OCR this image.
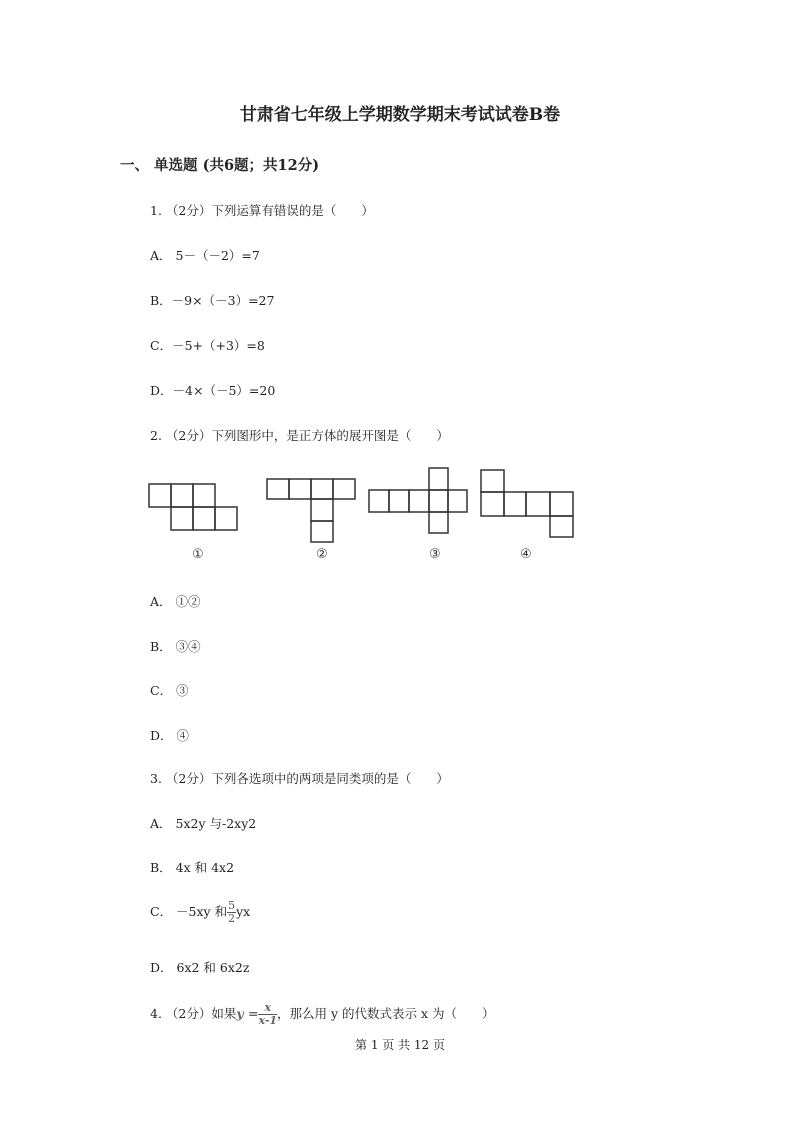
甘肃省七年级上学期数学期末考试试卷B卷
一、 单选题 (共6题；共12分)
1. （2分）下列运算有错误的是（　　）
A． 5－（－2）=7
B．－9×（－3）=27
C．－5+（+3）=8
D．－4×（－5）=20
2. （2分）下列图形中，是正方体的展开图是（　　）
①	②	③	④
A． ①②
B． ③④
C． ③
D． ④
3. （2分）下列各选项中的两项是同类项的是（　　）
A． 5x2y 与-2xy2
B． 4x 和 4x2
C． －5xy 和 $\frac{5}{2}$ yx
D． 6x2 和 6x2z
4. （2分）如果$y = \frac{x}{x-1}$ ，那么用 y 的代数式表示 x 为（　　）
第 1 页 共 12 页
